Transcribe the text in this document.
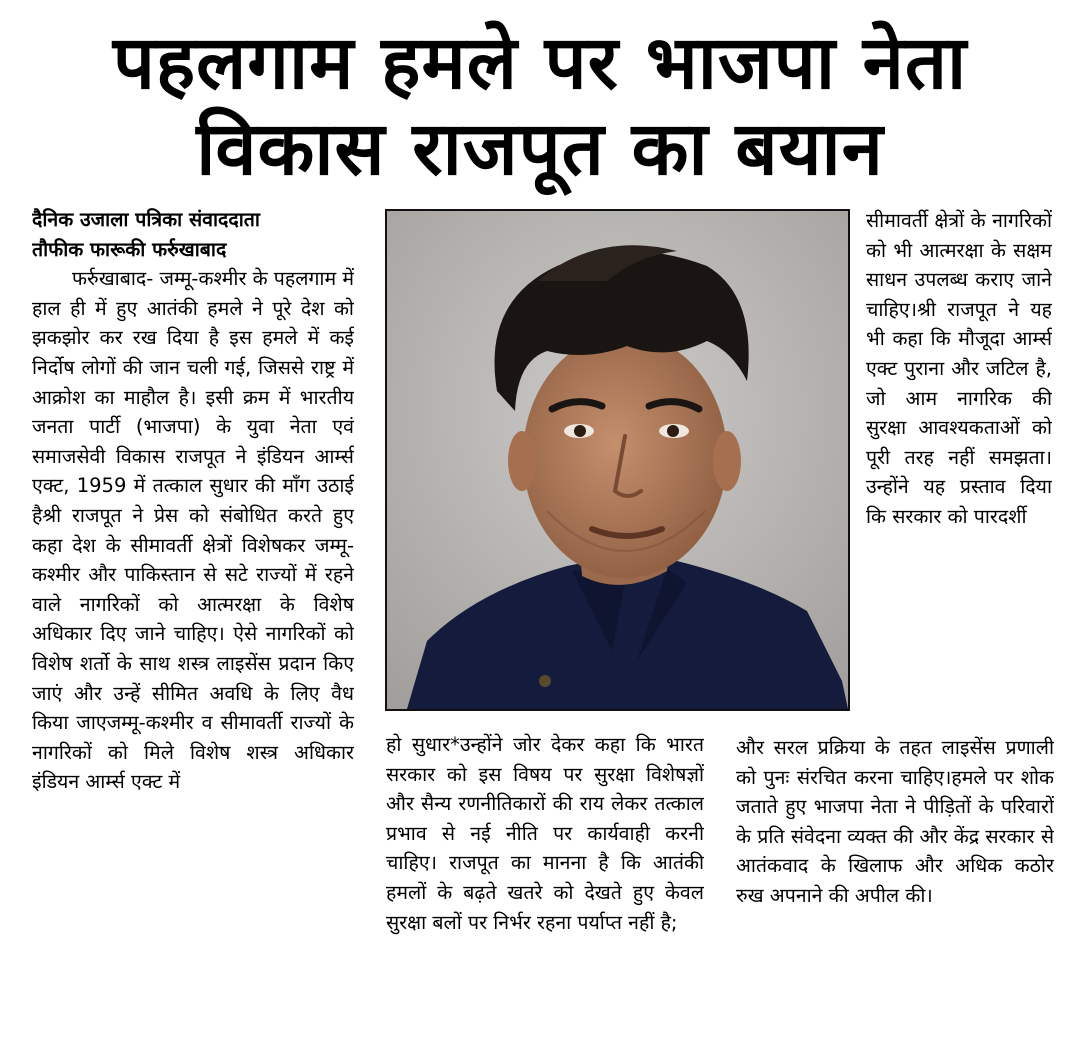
पहलगाम हमले पर भाजपा नेता
विकास राजपूत का बयान
दैनिक उजाला पत्रिका संवाददाता
तौफीक फारूकी फर्रुखाबाद
फर्रुखाबाद- जम्मू-कश्मीर के पहलगाम में हाल ही में हुए आतंकी हमले ने पूरे देश को झकझोर कर रख दिया है इस हमले में कई निर्दोष लोगों की जान चली गई, जिससे राष्ट्र में आक्रोश का माहौल है। इसी क्रम में भारतीय जनता पार्टी (भाजपा) के युवा नेता एवं समाजसेवी विकास राजपूत ने इंडियन आर्म्स एक्ट, 1959 में तत्काल सुधार की माँग उठाई हैश्री राजपूत ने प्रेस को संबोधित करते हुए कहा देश के सीमावर्ती क्षेत्रों विशेषकर जम्मू-कश्मीर और पाकिस्तान से सटे राज्यों में रहने वाले नागरिकों को आत्मरक्षा के विशेष अधिकार दिए जाने चाहिए। ऐसे नागरिकों को विशेष शर्तो के साथ शस्त्र लाइसेंस प्रदान किए जाएं और उन्हें सीमित अवधि के लिए वैध किया जाएजम्मू-कश्मीर व सीमावर्ती राज्यों के नागरिकों को मिले विशेष शस्त्र अधिकार इंडियन आर्म्स एक्ट में
हो सुधार*उन्होंने जोर देकर कहा कि भारत सरकार को इस विषय पर सुरक्षा विशेषज्ञों और सैन्य रणनीतिकारों की राय लेकर तत्काल प्रभाव से नई नीति पर कार्यवाही करनी चाहिए। राजपूत का मानना है कि आतंकी हमलों के बढ़ते खतरे को देखते हुए केवल सुरक्षा बलों पर निर्भर रहना पर्याप्त नहीं है;
सीमावर्ती क्षेत्रों के नागरिकों को भी आत्मरक्षा के सक्षम साधन उपलब्ध कराए जाने चाहिए।श्री राजपूत ने यह भी कहा कि मौजूदा आर्म्स एक्ट पुराना और जटिल है, जो आम नागरिक की सुरक्षा आवश्यकताओं को पूरी तरह नहीं समझता। उन्होंने यह प्रस्ताव दिया कि सरकार को पारदर्शी
और सरल प्रक्रिया के तहत लाइसेंस प्रणाली को पुनः संरचित करना चाहिए।हमले पर शोक जताते हुए भाजपा नेता ने पीड़ितों के परिवारों के प्रति संवेदना व्यक्त की और केंद्र सरकार से आतंकवाद के खिलाफ और अधिक कठोर रुख अपनाने की अपील की।
